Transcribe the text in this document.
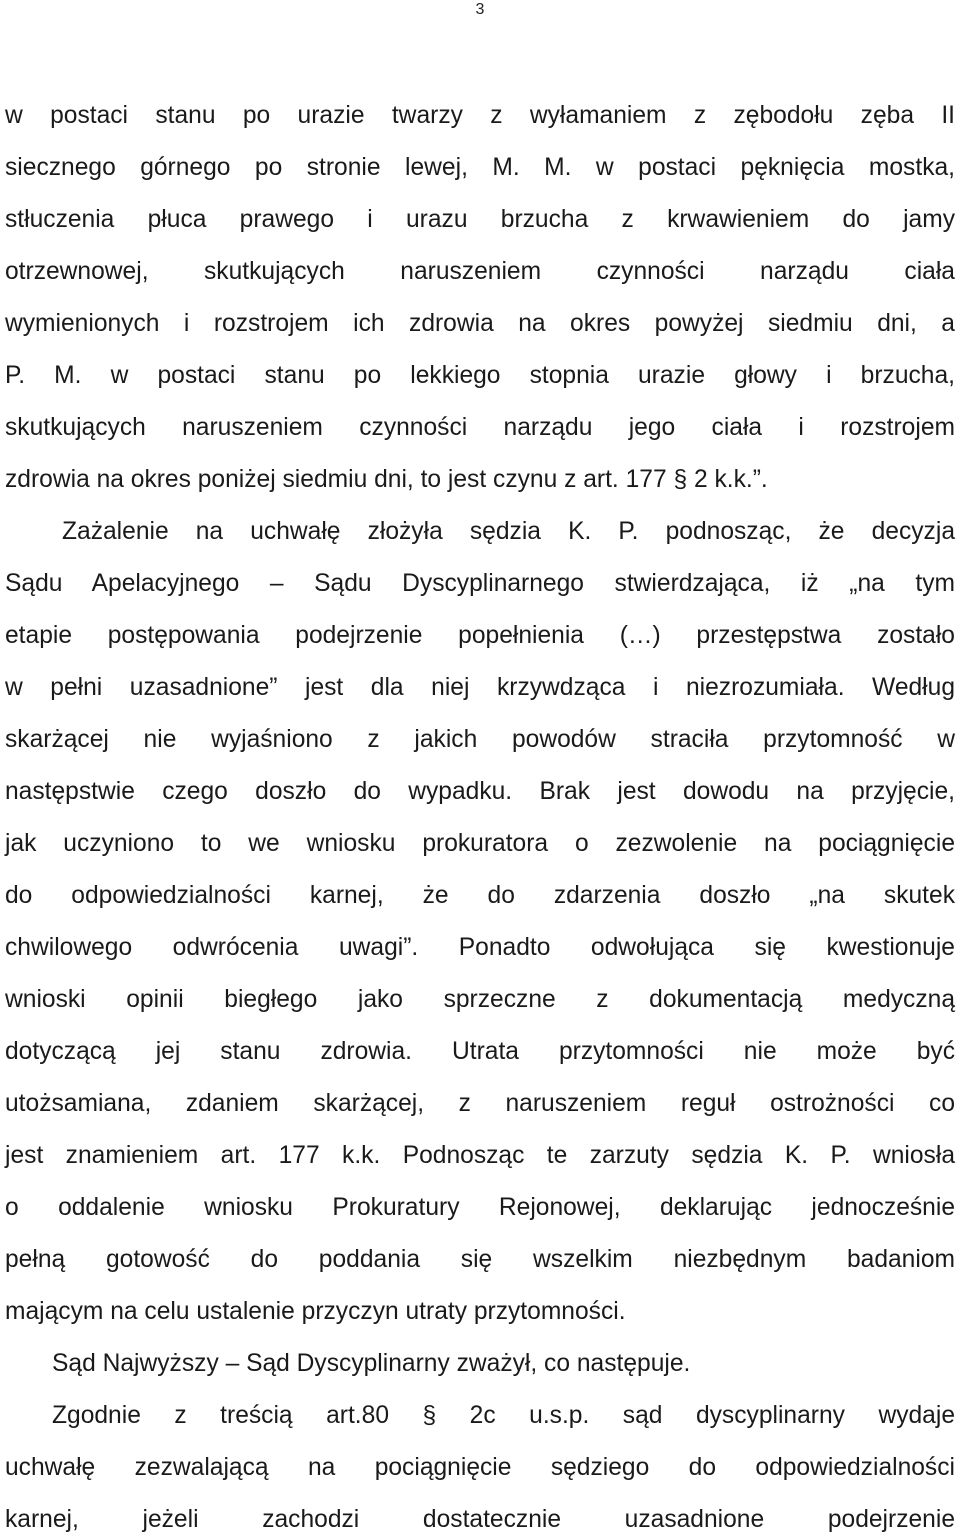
3
w postaci stanu po urazie twarzy z wyłamaniem z zębodołu zęba II
siecznego górnego po stronie lewej, M. M. w postaci pęknięcia mostka,
stłuczenia płuca prawego i urazu brzucha z krwawieniem do jamy
otrzewnowej, skutkujących naruszeniem czynności narządu ciała
wymienionych i rozstrojem ich zdrowia na okres powyżej siedmiu dni, a
P. M. w postaci stanu po lekkiego stopnia urazie głowy i brzucha,
skutkujących naruszeniem czynności narządu jego ciała i rozstrojem
zdrowia na okres poniżej siedmiu dni, to jest czynu z art. 177 § 2 k.k.”.
Zażalenie na uchwałę złożyła sędzia K. P. podnosząc, że decyzja
Sądu Apelacyjnego – Sądu Dyscyplinarnego stwierdzająca, iż „na tym
etapie postępowania podejrzenie popełnienia (…) przestępstwa zostało
w pełni uzasadnione” jest dla niej krzywdząca i niezrozumiała. Według
skarżącej nie wyjaśniono z jakich powodów straciła przytomność w
następstwie czego doszło do wypadku. Brak jest dowodu na przyjęcie,
jak uczyniono to we wniosku prokuratora o zezwolenie na pociągnięcie
do odpowiedzialności karnej, że do zdarzenia doszło „na skutek
chwilowego odwrócenia uwagi”. Ponadto odwołująca się kwestionuje
wnioski opinii biegłego jako sprzeczne z dokumentacją medyczną
dotyczącą jej stanu zdrowia. Utrata przytomności nie może być
utożsamiana, zdaniem skarżącej, z naruszeniem reguł ostrożności co
jest znamieniem art. 177 k.k. Podnosząc te zarzuty sędzia K. P. wniosła
o oddalenie wniosku Prokuratury Rejonowej, deklarując jednocześnie
pełną gotowość do poddania się wszelkim niezbędnym badaniom
mającym na celu ustalenie przyczyn utraty przytomności.
Sąd Najwyższy – Sąd Dyscyplinarny zważył, co następuje.
Zgodnie z treścią art.80 § 2c u.s.p. sąd dyscyplinarny wydaje
uchwałę zezwalającą na pociągnięcie sędziego do odpowiedzialności
karnej, jeżeli zachodzi dostatecznie uzasadnione podejrzenie
